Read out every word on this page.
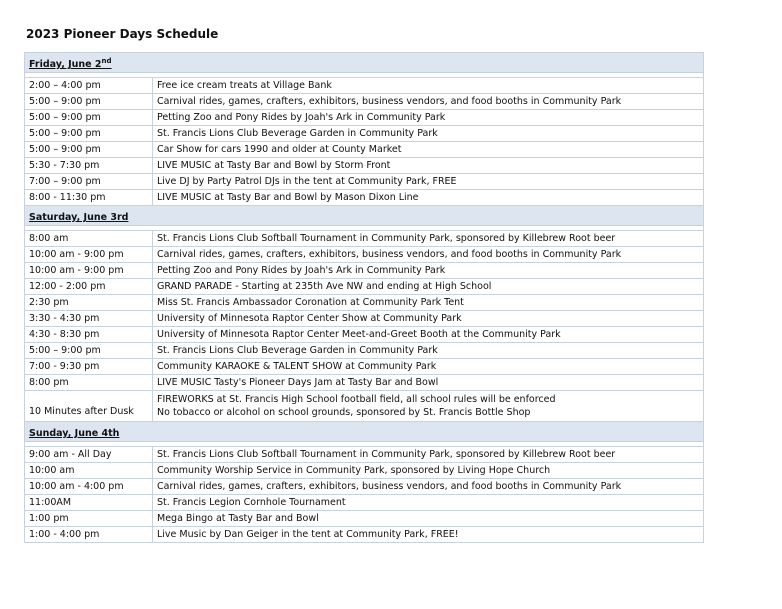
2023 Pioneer Days Schedule
Friday, June 2nd

2:00 – 4:00 pm	Free ice cream treats at Village Bank
5:00 – 9:00 pm	Carnival rides, games, crafters, exhibitors, business vendors, and food booths in Community Park
5:00 – 9:00 pm	Petting Zoo and Pony Rides by Joah's Ark in Community Park
5:00 – 9:00 pm	St. Francis Lions Club Beverage Garden in Community Park
5:00 – 9:00 pm	Car Show for cars 1990 and older at County Market
5:30 - 7:30 pm	LIVE MUSIC at Tasty Bar and Bowl by Storm Front
7:00 – 9:00 pm	Live DJ by Party Patrol DJs in the tent at Community Park, FREE
8:00 - 11:30 pm	LIVE MUSIC at Tasty Bar and Bowl by Mason Dixon Line
Saturday, June 3rd	

8:00 am	St. Francis Lions Club Softball Tournament in Community Park, sponsored by Killebrew Root beer
10:00 am - 9:00 pm	Carnival rides, games, crafters, exhibitors, business vendors, and food booths in Community Park
10:00 am - 9:00 pm	Petting Zoo and Pony Rides by Joah's Ark in Community Park
12:00 - 2:00 pm	GRAND PARADE - Starting at 235th Ave NW and ending at High School
2:30 pm	Miss St. Francis Ambassador Coronation at Community Park Tent
3:30 - 4:30 pm	University of Minnesota Raptor Center Show at Community Park
4:30 - 8:30 pm	University of Minnesota Raptor Center Meet-and-Greet Booth at the Community Park
5:00 – 9:00 pm	St. Francis Lions Club Beverage Garden in Community Park
7:00 - 9:30 pm	Community KARAOKE & TALENT SHOW at Community Park
8:00 pm	LIVE MUSIC Tasty's Pioneer Days Jam at Tasty Bar and Bowl
10 Minutes after Dusk	FIREWORKS at St. Francis High School football field, all school rules will be enforced
No tobacco or alcohol on school grounds, sponsored by St. Francis Bottle Shop

Sunday, June 4th	

9:00 am - All Day	St. Francis Lions Club Softball Tournament in Community Park, sponsored by Killebrew Root beer
10:00 am	Community Worship Service in Community Park, sponsored by Living Hope Church
10:00 am - 4:00 pm	Carnival rides, games, crafters, exhibitors, business vendors, and food booths in Community Park
11:00AM	St. Francis Legion Cornhole Tournament
1:00 pm	Mega Bingo at Tasty Bar and Bowl
1:00 - 4:00 pm	Live Music by Dan Geiger in the tent at Community Park, FREE!
